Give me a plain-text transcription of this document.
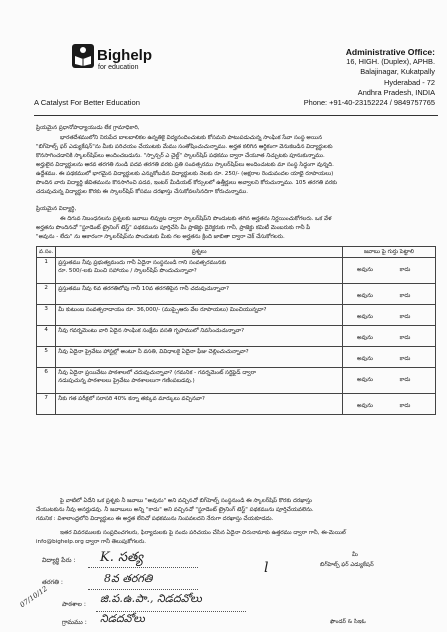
Bighelp
for education
A Catalyst For Better Education
Administrative Office:
16, HIGH. (Duplex), APHB.
Balajinagar, Kukatpally
Hyderabad - 72
Andhra Pradesh, INDIA
Phone: +91-40-23152224 / 9849757765
ప్రియమైన ప్రధానోపాధ్యాయుడు లేక గ్రామాధికారి,
భారతదేశములోని నిరుపేద బాలబాలికల ఉన్నతికై విద్యనందించుటకు కోసమని పాటుపడుచున్న సాంఘిక సేవా సంస్థ అయిన
"బిగ్‌హెల్ప్ ఫర్ ఎడ్యుకేషన్"ను మీకు పరిచయం చేయుటకు మేము సంతోషించుచున్నాము. అర్హత కలిగిన ఆర్థికంగా వెనుకబడిన విద్యార్థులకు
కొనసాగించడానికి స్కాలర్‌షిప్‌లు అందించబడును. "స్పాన్సర్ ఎ చైల్డ్" స్కాలర్‌షిప్ పథకము ద్వారా చేయూత నిచ్చుటకు పూనుకున్నాము.
అర్హులైన విద్యార్థులను ఆరవ తరగతి నుండి పదవ తరగతి వరకు ప్రతి సంవత్సరము స్కాలర్‌షిప్‌లు అందించుటకు మా సంస్థ సిద్ధంగా వున్నది.
ఉద్దేశము. ఈ పథకములో భాగమైన విద్యార్థులకు ఎన్నుకోబడిన విద్యార్థులకు నెలకు రూ. 250/- (అక్షరాల రెండువందల యాభై రూపాయలు)
పొందిన వారు విద్యార్థి జీవితమును కొనసాగించి పదవ, ఇంటర్ మీడియట్ కోర్సులలో ఉత్తీర్ణులు అవ్వాలని కోరుచున్నాము. 105 తరగతి వరకు
చదువుచున్న విద్యార్థుల కొరకు ఈ స్కాలర్‌షిప్ కోసము దరఖాస్తు చేసుకోవలసినదిగా కోరుచున్నాము.
ప్రియమైన విద్యార్థి,
ఈ దిగువ నిబంధనలను ప్రశ్నలకు జవాబు లివ్వుట ద్వారా స్కాలర్‌షిప్‌ని పొందుటకు తగిన అర్హతను నిర్ణయించుకోగలరు. ఒక వేళ
అర్హతను పొందినచో "స్టూడెంట్ ట్రైనింగ్ టెస్ట్" పథకమును పూర్తిచేసి మీ ప్రాజెక్టు డైరెక్టరుకు గానీ, ప్రాజెక్టు కమిటీ మెంబరుకు గానీ పీ
"అవును - లేదు" ను ఆకారంగా స్కాలర్‌షిప్‌ను పొందుటకు మీకు గల అర్హతను క్రింది జాబితా ద్వారా చెక్ చేసుకోగలరు.
వ.సం.	ప్రశ్నలు	జవాబు పై గుర్తు పెట్టాలి
1	ప్రస్తుతము నీవు ప్రభుత్వమందు గానీ ఏదైనా సంస్థనుండి గాని సంవత్సరమునకు
రూ. 500/-లకు మించి సహాయం / స్కాలర్‌షిప్ పొందుచున్నావా?	అవును కాదు
2	ప్రస్తుతము నీవు 6వ తరగతిలోపు గానీ 10వ తరగతిపైన గానీ చదువుచున్నావా?	అవును కాదు
3	మీ కుటుంబ సంవత్సరాదాయం రూ. 36,000/- (ముప్పైఆరు వేల రూపాయలు) మించియున్నదా?	అవును కాదు
4	నీవు గవర్నమెంటు వారి ఏదైన సాంఘిక సంక్షేమ వసతి గృహములో నివసించుచున్నావా?	అవును కాదు
5	నీవు ఏదైనా ప్రైవేటు హాస్టల్లో అంటూ నీ వసతి, వివిధాలకై ఏదైనా ఫీజు చెల్లించుచున్నావా?	అవును కాదు
6	నీవు ఏదైనా ప్రయివేటు పాఠశాలలో చదువుచున్నావా? (గమనిక - గవర్నమెంట్ సర్టిఫైడ్ ద్వారా
నడుపుచున్న పాఠశాలలు ప్రైవేటు పాఠశాలలుగా గణింపబడవు.)	అవును కాదు
7	నీకు గత పరీక్షలో సరాసరి 40% కన్నా తక్కువ మార్కులు వచ్చినవా?	అవును కాదు
పై వాటిలో ఏదేని ఒక ప్రశ్నకు నీ జవాబు "అవును" అని వచ్చినచో బిగ్‌హెల్ప్ సంస్థనుండి ఈ స్కాలర్‌షిప్ కొరకు దరఖాస్తు
చేయుటకును నీవు అనర్హుడవు. నీ జవాబులు అన్ని "కాదు" అని వచ్చినచో "స్టూడెంట్ ట్రైనింగ్ టెస్ట్" పథకమును పూర్తిచేయవలెను.
గమనిక : విశాలాంధ్రలోని విద్యార్థులు ఈ అర్హత లేనిచో పథకమును నింపవలదని నేరుగా దరఖాస్తు చేయకూడదు.
ఇతర వివరములకు సంప్రదించగలరు, ఫిర్యాదులకు పై నందు పరిచయం చేసిన ఏదైనా చిరునామాకు ఉత్తరము ద్వారా గానీ, ఈ-మెయిల్
info@bighelp.org ద్వారా గానీ తెలుపుకోగలరు.
విద్యార్థి పేరు : K. సత్య
తరగతి :	8వ తరగతి
పాఠశాల : జి.ప.ఉ.పా., నిడదవోలు
07/10/12
గ్రామము : నిడదవోలు
మీ
l	బిగ్‌హెల్ప్ ఫర్ ఎడ్యుకేషన్
ఫౌండర్ & సిఇఓ
